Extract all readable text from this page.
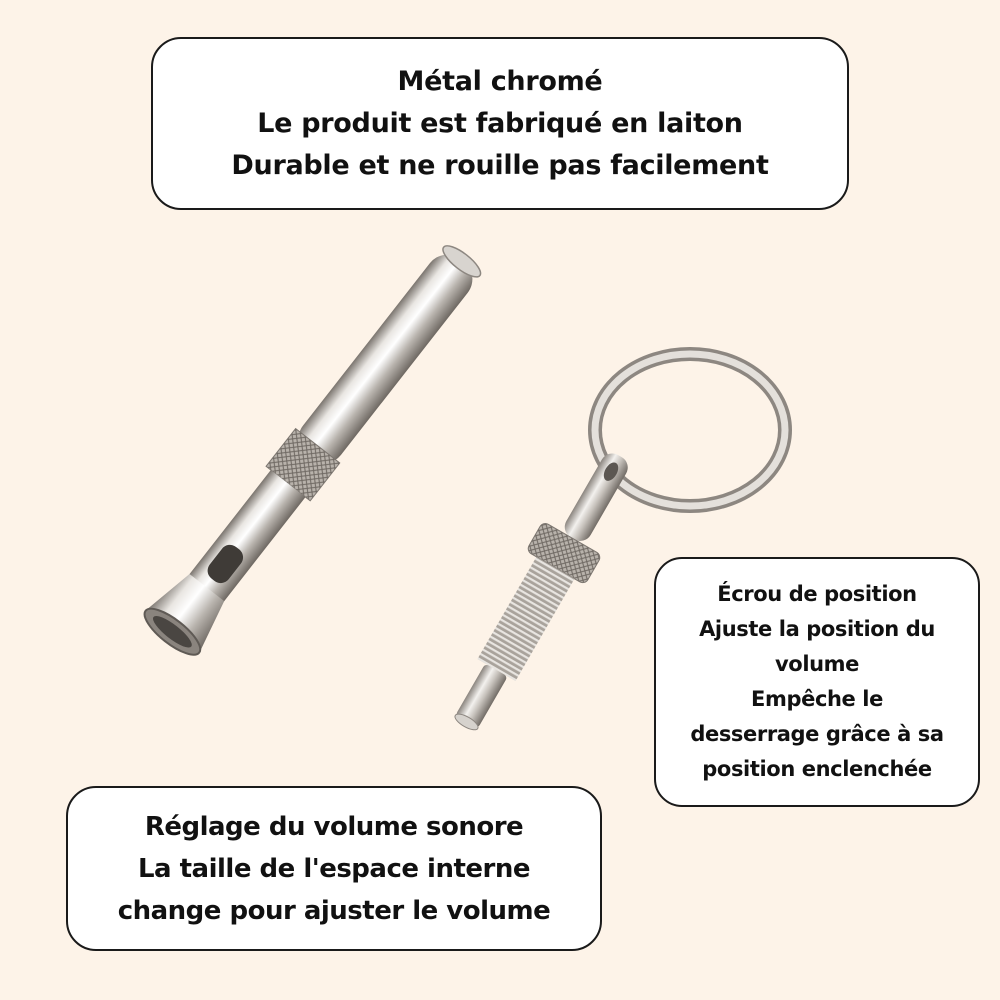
Métal chromé
Le produit est fabriqué en laiton
Durable et ne rouille pas facilement
Écrou de position
Ajuste la position du
volume
Empêche le
desserrage grâce à sa
position enclenchée
Réglage du volume sonore
La taille de l'espace interne
change pour ajuster le volume
